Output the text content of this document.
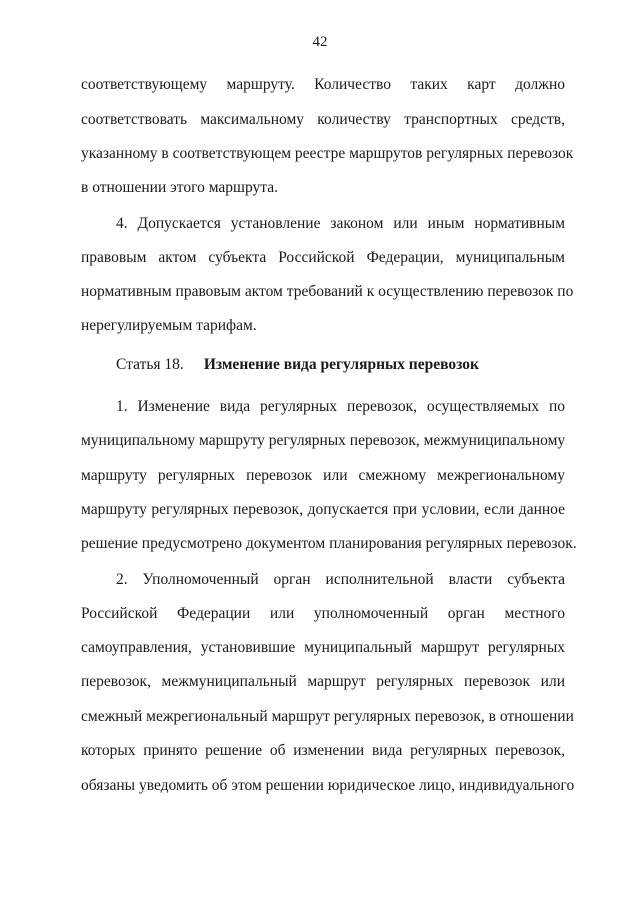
42
соответствующему маршруту. Количество таких карт должно
соответствовать максимальному количеству транспортных средств,
указанному в соответствующем реестре маршрутов регулярных перевозок
в отношении этого маршрута.
4. Допускается установление законом или иным нормативным
правовым актом субъекта Российской Федерации, муниципальным
нормативным правовым актом требований к осуществлению перевозок по
нерегулируемым тарифам.
Статья 18. Изменение вида регулярных перевозок
1. Изменение вида регулярных перевозок, осуществляемых по
муниципальному маршруту регулярных перевозок, межмуниципальному
маршруту регулярных перевозок или смежному межрегиональному
маршруту регулярных перевозок, допускается при условии, если данное
решение предусмотрено документом планирования регулярных перевозок.
2. Уполномоченный орган исполнительной власти субъекта
Российской Федерации или уполномоченный орган местного
самоуправления, установившие муниципальный маршрут регулярных
перевозок, межмуниципальный маршрут регулярных перевозок или
смежный межрегиональный маршрут регулярных перевозок, в отношении
которых принято решение об изменении вида регулярных перевозок,
обязаны уведомить об этом решении юридическое лицо, индивидуального
